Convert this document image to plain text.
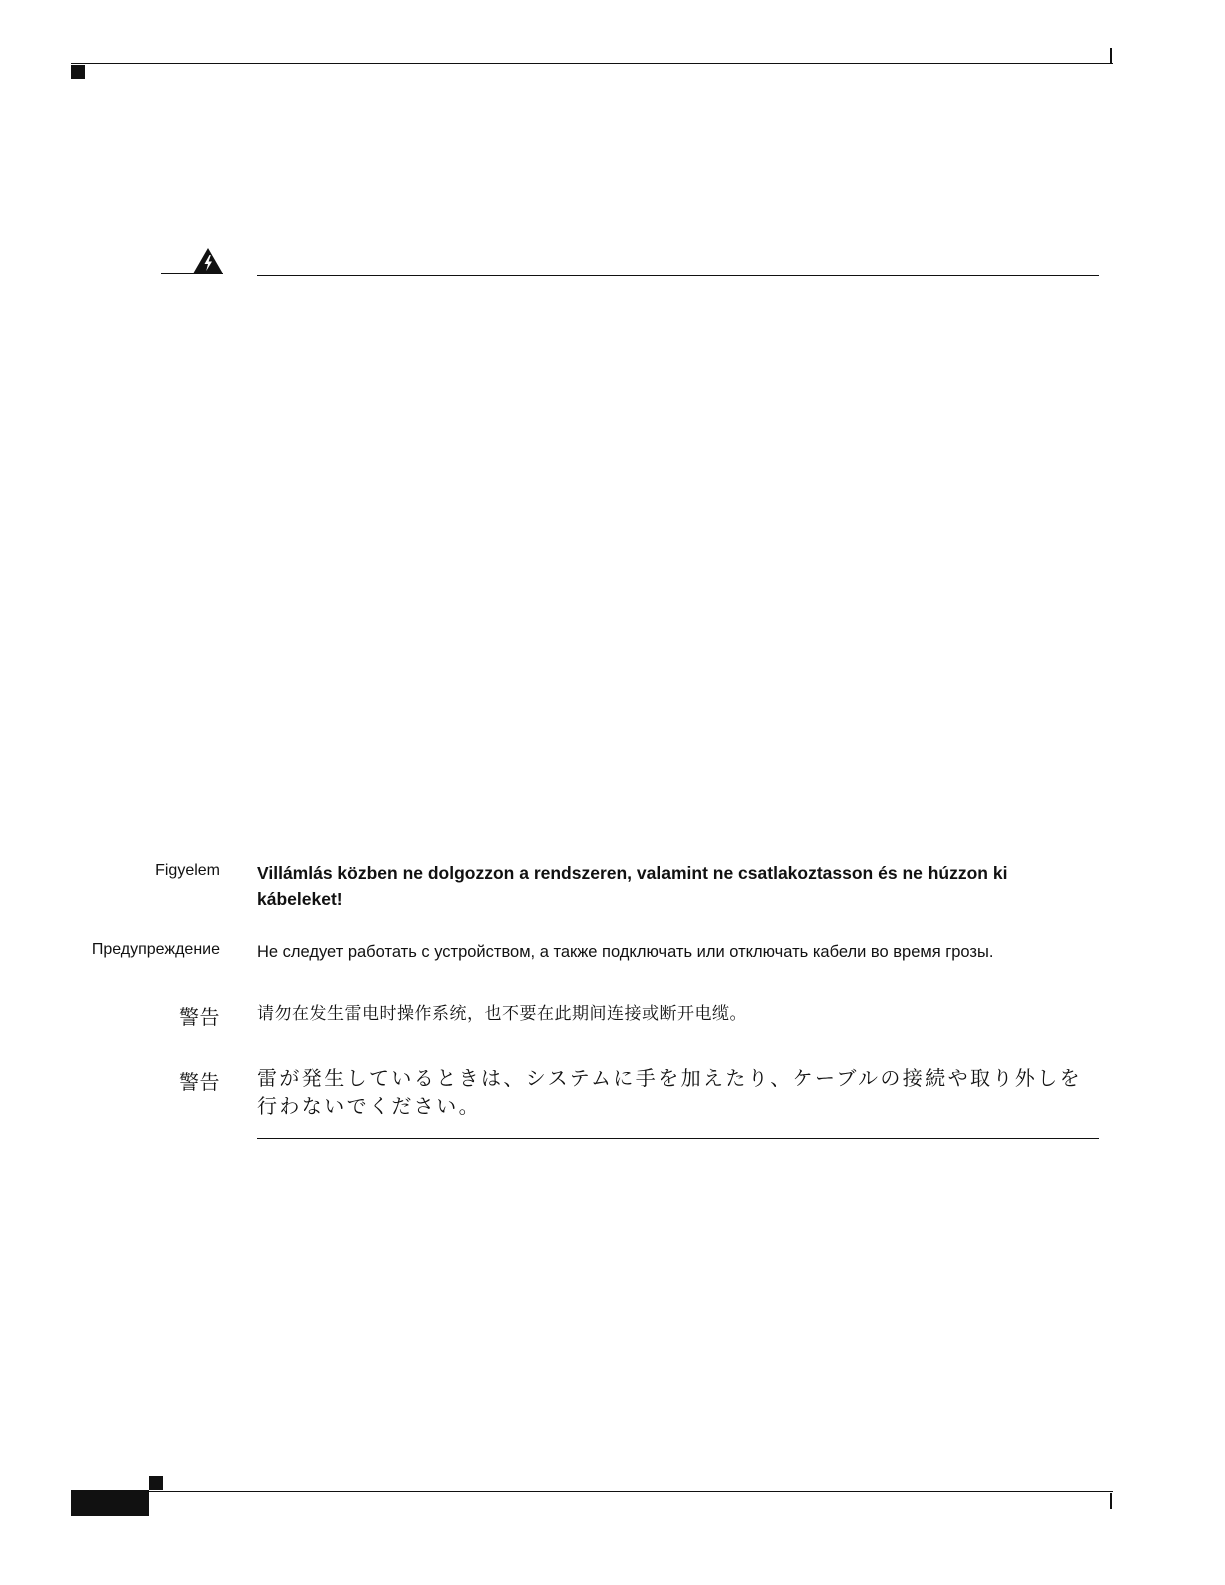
Figyelem Villámlás közben ne dolgozzon a rendszeren, valamint ne csatlakoztasson és ne húzzon ki kábeleket!
Предупреждение Не следует работать с устройством, а также подключать или отключать кабели во время грозы.
警告 请勿在发生雷电时操作系统，也不要在此期间连接或断开电缆。
警告 雷が発生しているときは、システムに手を加えたり、ケーブルの接続や取り外しを行わないでください。
